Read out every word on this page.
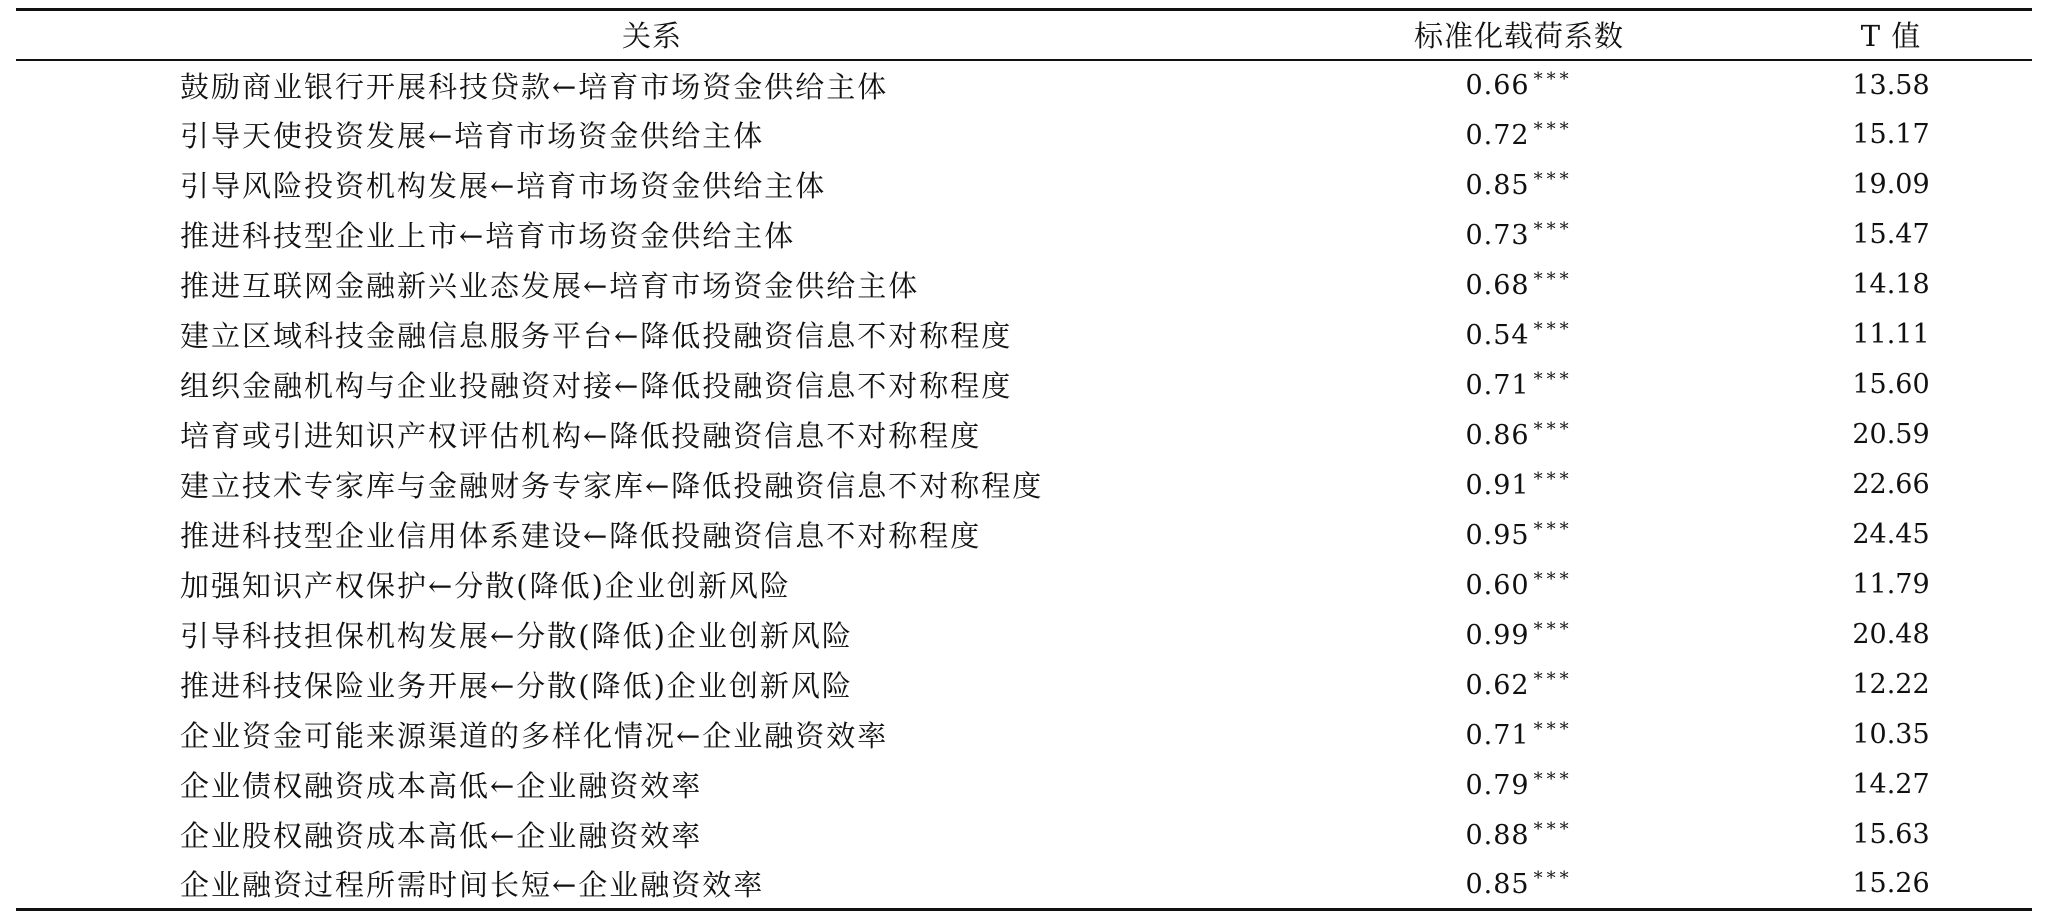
关系	标准化载荷系数	T 值
鼓励商业银行开展科技贷款←培育市场资金供给主体	0.66 ***	13.58
引导天使投资发展←培育市场资金供给主体	0.72 ***	15.17
引导风险投资机构发展←培育市场资金供给主体	0.85 ***	19.09
推进科技型企业上市←培育市场资金供给主体	0.73 ***	15.47
推进互联网金融新兴业态发展←培育市场资金供给主体	0.68 ***	14.18
建立区域科技金融信息服务平台←降低投融资信息不对称程度	0.54 ***	11.11
组织金融机构与企业投融资对接←降低投融资信息不对称程度	0.71 ***	15.60
培育或引进知识产权评估机构←降低投融资信息不对称程度	0.86 ***	20.59
建立技术专家库与金融财务专家库←降低投融资信息不对称程度	0.91 ***	22.66
推进科技型企业信用体系建设←降低投融资信息不对称程度	0.95 ***	24.45
加强知识产权保护←分散(降低)企业创新风险	0.60 ***	11.79
引导科技担保机构发展←分散(降低)企业创新风险	0.99 ***	20.48
推进科技保险业务开展←分散(降低)企业创新风险	0.62 ***	12.22
企业资金可能来源渠道的多样化情况←企业融资效率	0.71 ***	10.35
企业债权融资成本高低←企业融资效率	0.79 ***	14.27
企业股权融资成本高低←企业融资效率	0.88 ***	15.63
企业融资过程所需时间长短←企业融资效率	0.85 ***	15.26
